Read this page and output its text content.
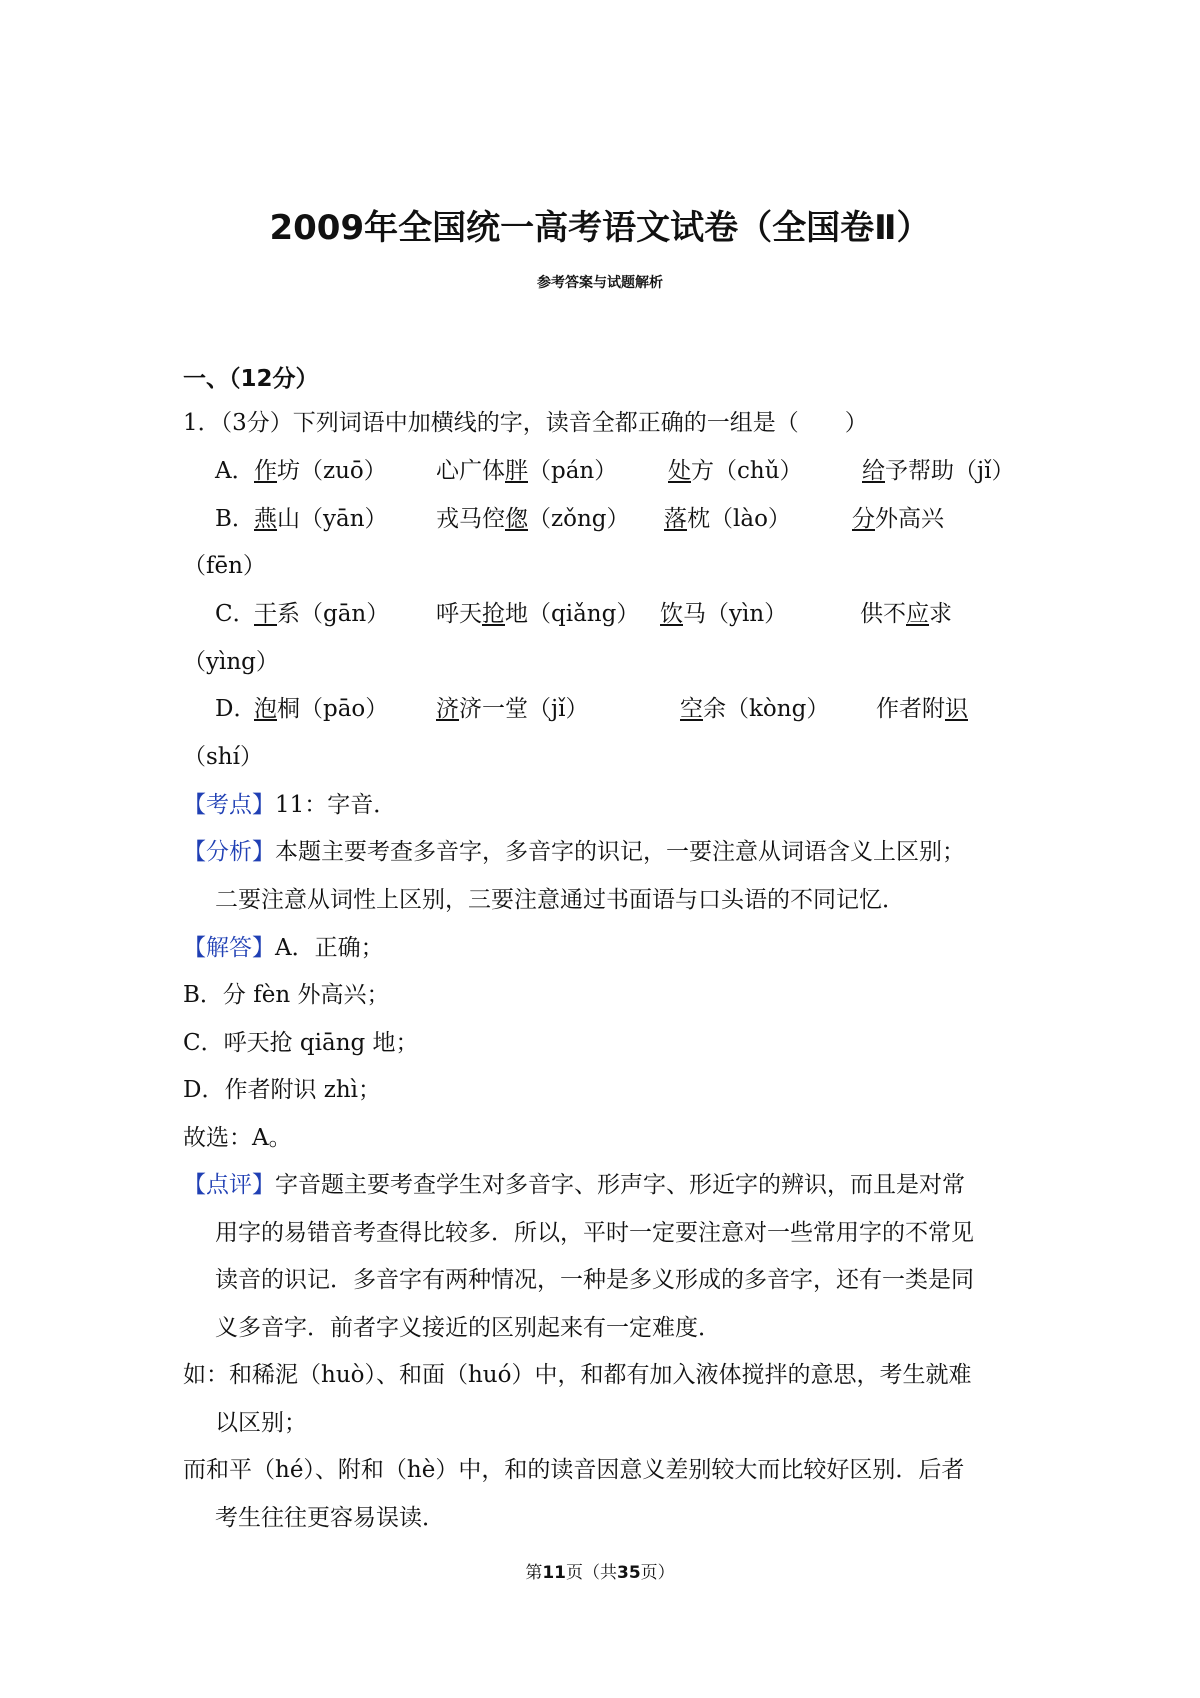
2009年全国统一高考语文试卷（全国卷Ⅱ）
参考答案与试题解析
一、（12分）
1．（3分）下列词语中加横线的字，读音全都正确的一组是（　　）
A． 作坊（zuō） 心广体胖（pán） 处方（chǔ）	给予帮助（jǐ）
B． 燕山（yān） 戎马倥偬（zǒng） 落枕（lào）	分外高兴
（fēn）
C．
干系（gān） 呼天抢地（qiǎng） 饮马（yìn）	供不应求
（yìng）
D．
泡桐（pāo） 济济一堂（jǐ）	空余（kòng） 作者附识
（shí）
【考点】11：字音．
【分析】本题主要考查多音字，多音字的识记，一要注意从词语含义上区别；
二要注意从词性上区别，三要注意通过书面语与口头语的不同记忆．
【解答】A．正确；
B．分 fèn 外高兴；
C．呼天抢 qiāng 地；
D．作者附识 zhì；
故选：A。
【点评】字音题主要考查学生对多音字、形声字、形近字的辨识，而且是对常
用字的易错音考查得比较多．所以，平时一定要注意对一些常用字的不常见
读音的识记．多音字有两种情况，一种是多义形成的多音字，还有一类是同
义多音字．前者字义接近的区别起来有一定难度．
如：和稀泥（huò）、和面（huó）中，和都有加入液体搅拌的意思，考生就难
以区别；
而和平（hé）、附和（hè）中，和的读音因意义差别较大而比较好区别．后者
考生往往更容易误读．
第11页（共35页）
